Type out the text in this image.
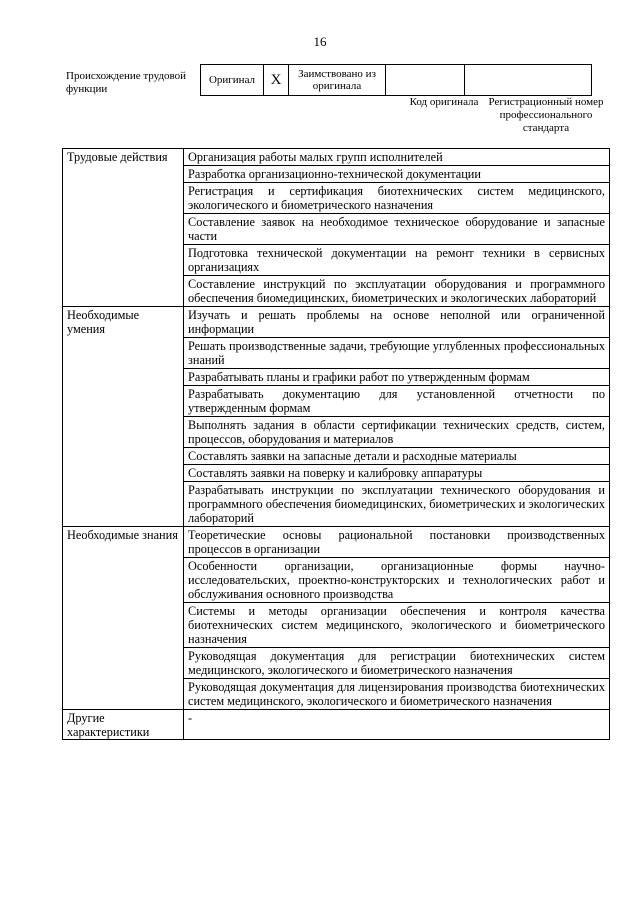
16
Происхождение трудовой функции
Оригинал	X	Заимствовано из оригинала		
Код оригинала Регистрационный номер профессионального стандарта
Трудовые действия	Организация работы малых групп исполнителей
	Разработка организационно-технической документации
	Регистрация и сертификация биотехнических систем медицинского, экологического и биометрического назначения
	Составление заявок на необходимое техническое оборудование и запасные части
	Подготовка технической документации на ремонт техники в сервисных организациях
	Составление инструкций по эксплуатации оборудования и программного обеспечения биомедицинских, биометрических и экологических лабораторий
Необходимые умения	Изучать и решать проблемы на основе неполной или ограниченной информации
	Решать производственные задачи, требующие углубленных профессиональных знаний
	Разрабатывать планы и графики работ по утвержденным формам
	Разрабатывать документацию для установленной отчетности по утвержденным формам
	Выполнять задания в области сертификации технических средств, систем, процессов, оборудования и материалов
	Составлять заявки на запасные детали и расходные материалы
	Составлять заявки на поверку и калибровку аппаратуры
	Разрабатывать инструкции по эксплуатации технического оборудования и программного обеспечения биомедицинских, биометрических и экологических лабораторий
Необходимые знания	Теоретические основы рациональной постановки производственных процессов в организации
	Особенности организации, организационные формы научно-исследовательских, проектно-конструкторских и технологических работ и обслуживания основного производства
	Системы и методы организации обеспечения и контроля качества биотехнических систем медицинского, экологического и биометрического назначения
	Руководящая документация для регистрации биотехнических систем медицинского, экологического и биометрического назначения
	Руководящая документация для лицензирования производства биотехнических систем медицинского, экологического и биометрического назначения
Другие характеристики	-
